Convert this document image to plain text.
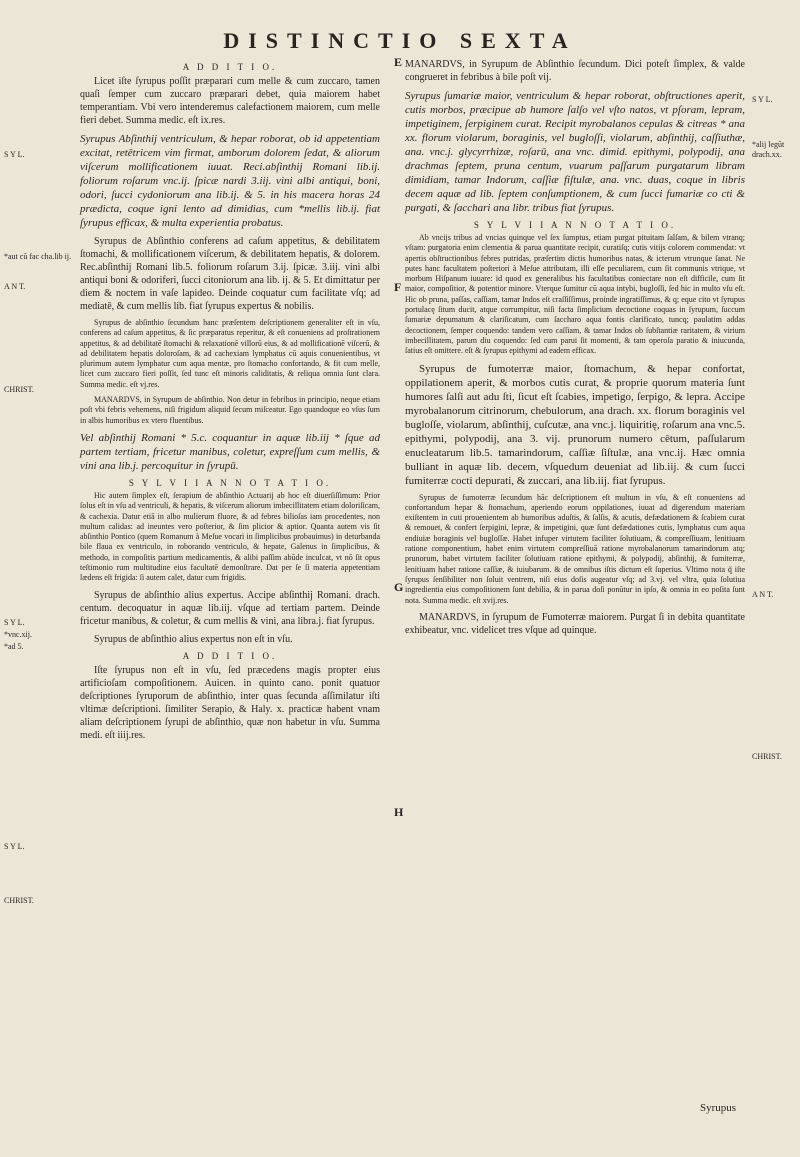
DISTINCTIO SEXTA
E
F
G
H
S Y L.
*aut cū fac cha.lib ij.
A N T.
CHRIST.
S Y L.
*vnc.xij.
*ad 5.
S Y L.
CHRIST.
S Y L.
*alij legūt drach.xx.
A N T.
CHRIST.
A D D I T I O.

Licet iſte ſyrupus poſſit præparari cum melle & cum zuccaro, tamen quaſi ſemper cum zuccaro præparari debet, quia maiorem habet temperantiam. Vbi vero intenderemus calefactionem maiorem, cum melle fieri debet. Summa medic. eſt ix.res.

Syrupus Abſinthij ventriculum, & hepar roborat, ob id appetentiam excitat, retētricem vim firmat, amborum dolorem ſedat, & aliorum viſcerum mollificationem iuuat. Reci.abſinthij Romani lib.ij. foliorum roſarum vnc.ij. ſpicæ nardi 3.iij. vini albi antiqui, boni, odori, ſucci cydoniorum ana lib.ij. & 5. in his macera horas 24 prædicta, coque igni lento ad dimidias, cum *mellis lib.ij. fiat ſyrupus efficax, & multa experientia probatus.

Syrupus de Abſinthio conferens ad caſum appetitus, & debilitatem ſtomachi, & mollificationem viſcerum, & debilitatem hepatis, & dolorem. Rec.abſinthij Romani lib.5. foliorum roſarum 3.ij. ſpicæ. 3.iij. vini albi antiqui boni & odoriferi, ſucci citoniorum ana lib. ij. & 5. Et dimittatur per diem & noctem in vaſe lapideo. Deinde coquatur cum facilitate vſq; ad mediatē, & cum mellis lib. fiat ſyrupus expertus & nobilis.

Syrupus de abſinthio ſecundum hanc præſentem deſcriptionem generaliter eſt in vſu, conferens ad caſum appetitus, & ſic præparatus reperitur, & eſt conueniens ad proſtrationem appetitus, & ad debilitatē ſtomachi & relaxationē villorū eius, & ad mollificationē viſcerū, & ad debilitatem hepatis doloroſam, & ad cachexiam lymphatus cū aquis conuenientibus, vt plurimum autem lymphatur cum aqua mentæ, pro ſtomacho confortando, & fit cum melle, licet cum zuccaro fieri poſſit, ſed tunc eſt minoris caliditatis, & reliqua omnia ſunt clara. Summa medic. eſt vj.res.

MANARDVS, in Syrupum de abſinthio. Non detur in febribus in principio, neque etiam poſt vbi febris vehemens, niſi frigidum aliquid ſecum miſceatur. Ego quandoque eo vſus ſum in albis humoribus ex vtero fluentibus.

Vel abſinthij Romani * 5.c. coquantur in aquæ lib.iij * ſque ad partem tertiam, fricetur manibus, coletur, expreſſum cum mellis, & vini ana lib.j. percoquitur in ſyrupū.

S Y L V I I A N N O T A T I O.

Hic autem ſimplex eſt, ſerapium de abſinthio Actuarij ab hoc eſt diuerſiſſimum: Prior ſolus eſt in vſu ad ventriculi, & hepatis, & viſcerum aliorum imbecillitatem etiam doloriſicam, & cachexia. Datur etiā in albo mulierum fluore, & ad febres bilioſas iam procedentes, non multum calidas: ad ineuntes vero poſterior, & ſim plicior & aptior. Quanta autem vis ſit abſinthio Pontico (quem Romanum à Meſue vocari in ſimplicibus probauimus) in deturbanda bile flaua ex ventriculo, in roborando ventriculo, & hepate, Galenus in ſimplicibus, & methodo, in compoſitis partium medicamentis, & alibi paſſim abũde inculcat, vt nō ſit opus teſtimonio rum multitudine eius facultatē demonſtrare. Dat per ſe ſi materia appetentiam lædens eſt frigida: ſi autem calet, datur cum frigidis.

Syrupus de abſinthio alius expertus. Accipe abſinthij Romani. drach. centum. decoquatur in aquæ lib.iij. vſque ad tertiam partem. Deinde fricetur manibus, & coletur, & cum mellis & vini, ana libra.j. fiat ſyrupus.

Syrupus de abſinthio alius expertus non eſt in vſu.

A D D I T I O.

Iſte ſyrupus non eſt in vſu, ſed præcedens magis propter eius artificioſam compoſitionem. Auicen. in quinto cano. ponit quatuor deſcriptiones ſyruporum de abſinthio, inter quas ſecunda aſſimilatur iſti vltimæ deſcriptioni. ſimiliter Serapio, & Haly. x. practicæ habent vnam aliam deſcriptionem ſyrupi de abſinthio, quæ non habetur in vſu. Summa medi. eſt iiij.res.

MANARDVS, in Syrupum de Abſinthio ſecundum. Dici poteſt ſimplex, & valde congrueret in febribus à bile poſt vij.

Syrupus ſumariæ maior, ventriculum & hepar roborat, obſtructiones aperit, cutis morbos, præcipue ab humore ſalſo vel vſto natos, vt pſoram, lepram, impetiginem, ſerpiginem curat. Recipit myrobalanos cepulas & citreas * ana xx. florum violarum, boraginis, vel bugloſſi, violarum, abſinthij, caſſiuthæ, ana. vnc.j. glycyrrhizæ, roſarū, ana vnc. dimid. epithymi, polypodij, ana drachmas ſeptem, pruna centum, vuarum paſſarum purgatarum libram dimidiam, tamar Indorum, caſſiæ fiſtulæ, ana. vnc. duas, coque in libris decem aquæ ad lib. ſeptem conſumptionem, & cum ſucci fumariæ co cti & purgati, & ſacchari ana libr. tribus fiat ſyrupus.

S Y L V I I A N N O T A T I O.

Ab vncijs tribus ad vncias quinque vel ſex ſumptus, etiam purgat pituitam ſalſam, & bilem vtranq; vſtam: purgatoria enim clementia & parua quantitate recipit, curatiſq; cutis vitijs colorem commendat: vt apertis obſtructionibus febres putridas, præſertim dictis humoribus natas, & icterum vtrunque ſanat. Ne putes hanc facultatem poſteriori à Meſue attributam, illi eſſe peculiarem, cum ſit communis vtrique, vt morbum Hiſpanum iuuare: id quod ex generalibus his facultatibus coniectare non eſt difficile, cum ſit maior, compoſitior, & potentior minore. Vterque ſumitur cū aqua intybi, bugloſſi, ſed hic in multo vſu eſt. Hic ob pruna, paſſas, caſſiam, tamar Indos eſt craſſiſſimus, proinde ingratiſſimus, & q; eque cito vt ſyrupus portulacę ſitum ducit, atque corrumpitur, niſi facta ſimplicium decoctione coquas in ſyrupum, ſuccum ſumariæ depumatum & clariſicatum, cum ſaccharo aqua fontis clarificato, tuncq; paulatim addas decoctionem, ſemper coquendo: tandem vero caſſiam, & tamar Indos ob ſubſtantiæ raritatem, & virium imbecillitatem, parum diu coquendo: ſed cum parui ſit momenti, & tam operoſa paratio & iniucunda, ſatius eſt omittere. eſt & ſyrupus epithymi ad eadem efficax.

Syrupus de fumoterræ maior, ſtomachum, & hepar confortat, oppilationem aperit, & morbos cutis curat, & proprie quorum materia ſunt humores ſalſi aut adu ſti, ſicut eſt ſcabies, impetigo, ſerpigo, & lepra. Accipe myrobalanorum citrinorum, chebulorum, ana drach. xx. florum boraginis vel bugloſſe, violarum, abſinthij, cuſcutæ, ana vnc.j. liquiritię, roſarum ana vnc.5. epithymi, polypodij, ana 3. vij. prunorum numero cētum, paſſularum enucleatarum lib.5. tamarindorum, caſſiæ ſiſtulæ, ana vnc.ij. Hæc omnia bulliant in aquæ lib. decem, vſquedum deueniat ad lib.iij. & cum ſucci fumiterræ cocti depurati, & zuccari, ana lib.iij. fiat ſyrupus.

Syrupus de fumoterræ ſecundum hāc deſcriptionem eſt multum in vſu, & eſt conueniens ad confortandum hepar & ſtomachum, aperiendo eorum oppilationes, iuuat ad digerendum materiam exiſtentem in cuti prouenientem ab humoribus aduſtis, & ſalſis, & acutis, defædationem & ſcabiem curat & remouet, & confert ſerpigini, lepræ, & impetigini, quæ ſunt defædationes cutis, lymphatus cum aqua endiuiæ boraginis vel bugloſſæ. Habet infuper virtutem faciliter ſolutiuam, & compreſſiuam, lenitiuam ratione componentium, habet enim virtutem compreſſiuā ratione myrobalanorum tamarindorum atq; prunorum, habet virtutem faciliter ſolutiuam ratione epithymi, & polypodij, abſinthij, & fumiterræ, lenitiuam habet ratione caſſiæ, & iuiubarum. & de omnibus iſtis dictum eſt ſuperius. Vltimo nota q̃ iſte ſyrupus ſenſibiliter non ſoluit ventrem, niſi eius doſis augeatur vſq; ad 3.vj. vel vltra, quia ſolutiua ingredientia eius compoſitionem ſunt debilia, & in parua doſi ponūtur in ipſo, & omnia in eo poſita ſunt nota. Summa medic. eſt xvij.res.

MANARDVS, in ſyrupum de Fumoterræ maiorem. Purgat ſi in debita quantitate exhibeatur, vnc. videlicet tres vſque ad quinque.

Syrupus
